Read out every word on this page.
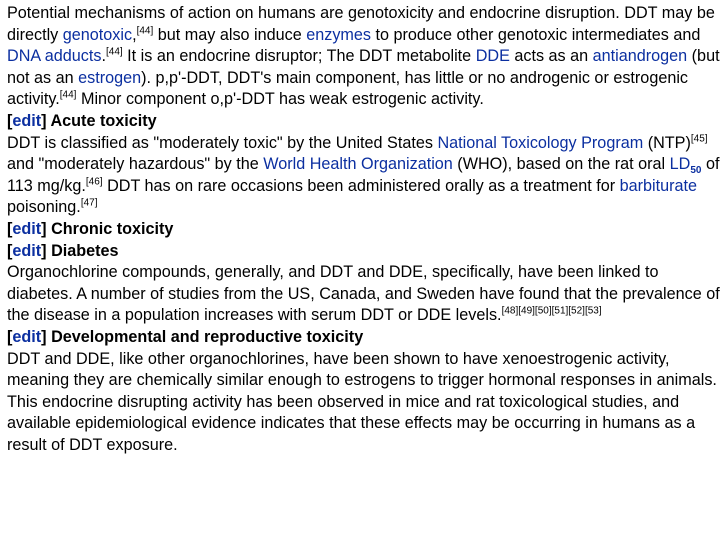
Potential mechanisms of action on humans are genotoxicity and endocrine disruption. DDT may be directly genotoxic,[44] but may also induce enzymes to produce other genotoxic intermediates and DNA adducts.[44] It is an endocrine disruptor; The DDT metabolite DDE acts as an antiandrogen (but not as an estrogen). p,p'-DDT, DDT's main component, has little or no androgenic or estrogenic activity.[44] Minor component o,p'-DDT has weak estrogenic activity.

[edit] Acute toxicity

DDT is classified as "moderately toxic" by the United States National Toxicology Program (NTP)[45] and "moderately hazardous" by the World Health Organization (WHO), based on the rat oral $LD_{50}$ of 113 mg/kg.[46] DDT has on rare occasions been administered orally as a treatment for barbiturate poisoning.[47]

[edit] Chronic toxicity
[edit] Diabetes

Organochlorine compounds, generally, and DDT and DDE, specifically, have been linked to diabetes. A number of studies from the US, Canada, and Sweden have found that the prevalence of the disease in a population increases with serum DDT or DDE levels.[48][49][50][51][52][53]

[edit] Developmental and reproductive toxicity

DDT and DDE, like other organochlorines, have been shown to have xenoestrogenic activity, meaning they are chemically similar enough to estrogens to trigger hormonal responses in animals. This endocrine disrupting activity has been observed in mice and rat toxicological studies, and available epidemiological evidence indicates that these effects may be occurring in humans as a result of DDT exposure.
